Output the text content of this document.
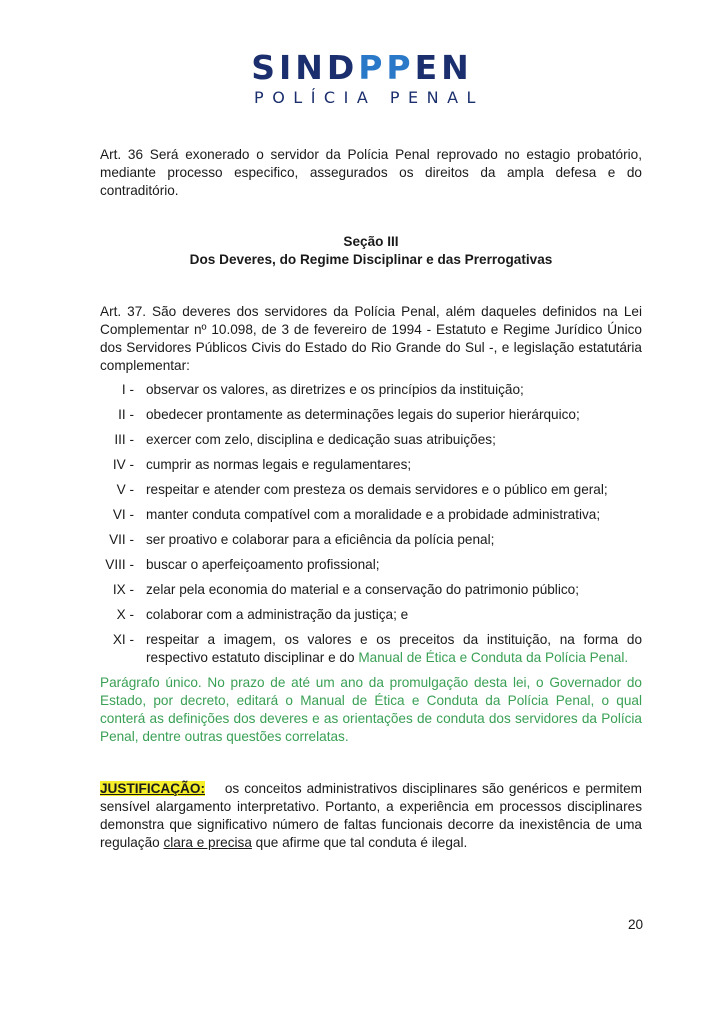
SINDPPEN
POLÍCIA PENAL

Art. 36 Será exonerado o servidor da Polícia Penal reprovado no estagio probatório, mediante processo especifico, assegurados os direitos da ampla defesa e do contraditório.

Seção III
Dos Deveres, do Regime Disciplinar e das Prerrogativas

Art. 37. São deveres dos servidores da Polícia Penal, além daqueles definidos na Lei Complementar nº 10.098, de 3 de fevereiro de 1994 - Estatuto e Regime Jurídico Único dos Servidores Públicos Civis do Estado do Rio Grande do Sul -, e legislação estatutária complementar:

I - observar os valores, as diretrizes e os princípios da instituição;
II - obedecer prontamente as determinações legais do superior hierárquico;
III - exercer com zelo, disciplina e dedicação suas atribuições;
IV - cumprir as normas legais e regulamentares;
V - respeitar e atender com presteza os demais servidores e o público em geral;
VI - manter conduta compatível com a moralidade e a probidade administrativa;
VII - ser proativo e colaborar para a eficiência da polícia penal;
VIII - buscar o aperfeiçoamento profissional;
IX - zelar pela economia do material e a conservação do patrimonio público;
X - colaborar com a administração da justiça; e
XI - respeitar a imagem, os valores e os preceitos da instituição, na forma do respectivo estatuto disciplinar e do Manual de Ética e Conduta da Polícia Penal.

Parágrafo único. No prazo de até um ano da promulgação desta lei, o Governador do Estado, por decreto, editará o Manual de Ética e Conduta da Polícia Penal, o qual conterá as definições dos deveres e as orientações de conduta dos servidores da Polícia Penal, dentre outras questões correlatas.

JUSTIFICAÇÃO:    os conceitos administrativos disciplinares são genéricos e permitem sensível alargamento interpretativo. Portanto, a experiência em processos disciplinares demonstra que significativo número de faltas funcionais decorre da inexistência de uma regulação clara e precisa que afirme que tal conduta é ilegal.

20
